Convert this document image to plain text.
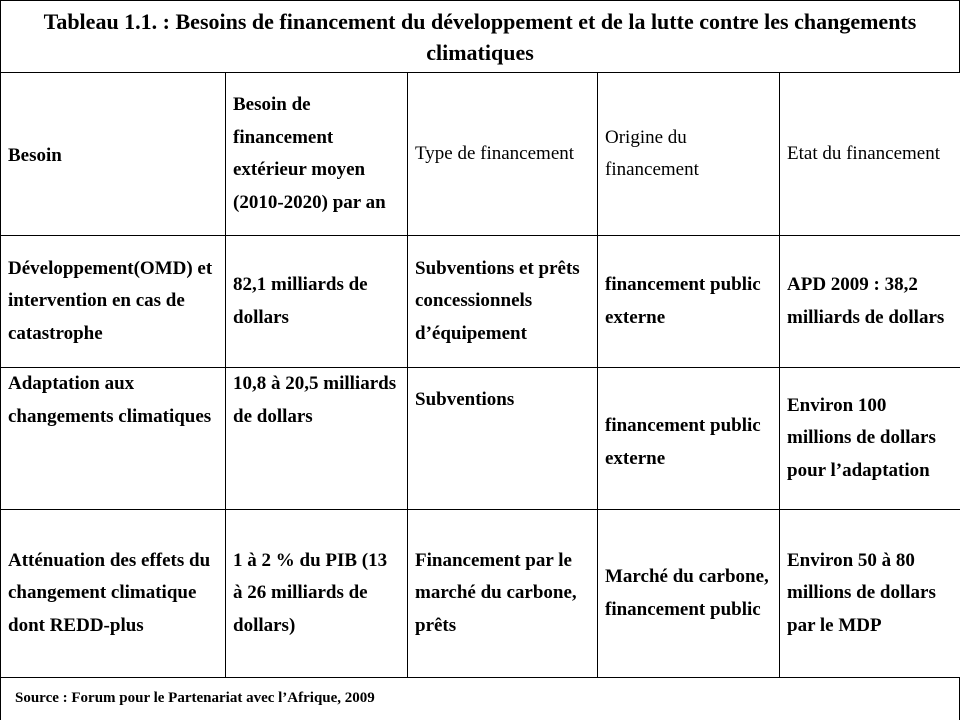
Tableau 1.1. : Besoins de financement du développement et de la lutte contre les changements climatiques
Besoin	Besoin de financement extérieur moyen (2010-2020) par an	Type de financement	Origine du financement	Etat du financement
Développement(OMD) et intervention en cas de catastrophe	82,1 milliards de dollars	Subventions et prêts concessionnels d’équipement	financement public externe	APD 2009 : 38,2 milliards de dollars
Adaptation aux changements climatiques	10,8 à 20,5 milliards de dollars	Subventions	financement public externe	Environ 100 millions de dollars pour l’adaptation
Atténuation des effets du changement climatique dont REDD-plus	1 à 2 % du PIB (13 à 26 milliards de dollars)	Financement par le marché du carbone, prêts	Marché du carbone, financement public	Environ 50 à 80 millions de dollars par le MDP
Source : Forum pour le Partenariat avec l’Afrique, 2009
